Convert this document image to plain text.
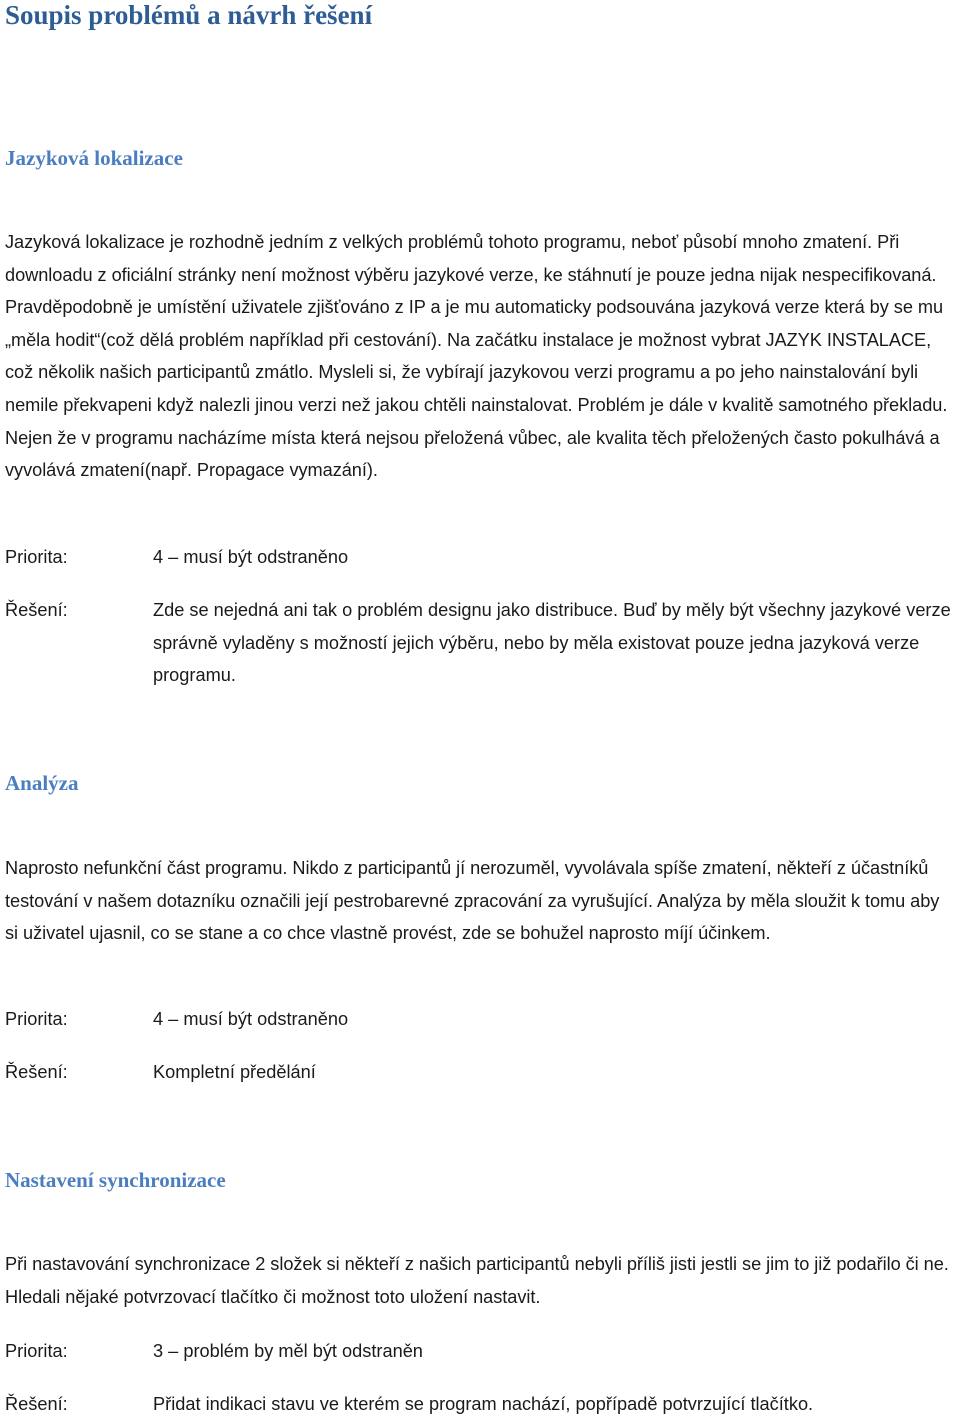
Soupis problémů a návrh řešení
Jazyková lokalizace

Jazyková lokalizace je rozhodně jedním z velkých problémů tohoto programu, neboť působí mnoho zmatení. Při downloadu z oficiální stránky není možnost výběru jazykové verze, ke stáhnutí je pouze jedna nijak nespecifikovaná. Pravděpodobně je umístění uživatele zjišťováno z IP a je mu automaticky podsouvána jazyková verze která by se mu „měla hodit“(což dělá problém například při cestování). Na začátku instalace je možnost vybrat JAZYK INSTALACE, což několik našich participantů zmátlo. Mysleli si, že vybírají jazykovou verzi programu a po jeho nainstalování byli nemile překvapeni když nalezli jinou verzi než jakou chtěli nainstalovat. Problém je dále v kvalitě samotného překladu. Nejen že v programu nacházíme místa která nejsou přeložená vůbec, ale kvalita těch přeložených často pokulhává a vyvolává zmatení(např. Propagace vymazání).

Priorita:	4 – musí být odstraněno
Řešení:	Zde se nejedná ani tak o problém designu jako distribuce. Buď by měly být všechny jazykové verze správně vyladěny s možností jejich výběru, nebo by měla existovat pouze jedna jazyková verze programu.
Analýza

Naprosto nefunkční část programu. Nikdo z participantů jí nerozuměl, vyvolávala spíše zmatení, někteří z účastníků testování v našem dotazníku označili její pestrobarevné zpracování za vyrušující. Analýza by měla sloužit k tomu aby si uživatel ujasnil, co se stane a co chce vlastně provést, zde se bohužel naprosto míjí účinkem.

Priorita:	4 – musí být odstraněno
Řešení:	Kompletní předělání
Nastavení synchronizace

Při nastavování synchronizace 2 složek si někteří z našich participantů nebyli příliš jisti jestli se jim to již podařilo či ne. Hledali nějaké potvrzovací tlačítko či možnost toto uložení nastavit.

Priorita:	3 – problém by měl být odstraněn
Řešení:	Přidat indikaci stavu ve kterém se program nachází, popřípadě potvrzující tlačítko.
